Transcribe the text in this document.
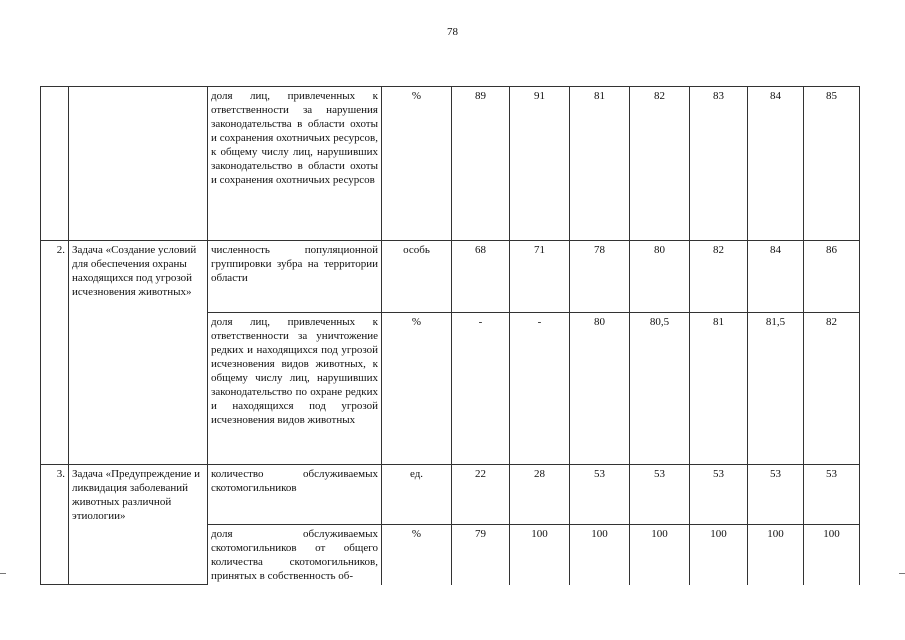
78
		доля лиц, привлеченных к ответственности за нарушения законодательства в области охоты и сохранения охотничьих ресурсов, к общему числу лиц, нарушивших законодательство в области охоты и сохранения охотничьих ресурсов	%	89	91	81	82	83	84	85
2.	Задача «Создание условий для обеспечения охраны находящихся под угрозой исчезновения животных»	численность популяционной группировки зубра на территории области	особь	68	71	78	80	82	84	86
		доля лиц, привлеченных к ответственности за уничтожение редких и находящихся под угрозой исчезновения видов животных, к общему числу лиц, нарушивших законодательство по охране редких и находящихся под угрозой исчезновения видов животных	%	-	-	80	80,5	81	81,5	82
3.	Задача «Предупреждение и ликвидация заболеваний животных различной этиологии»	количество обслуживаемых скотомогильников	ед.	22	28	53	53	53	53	53
		доля обслуживаемых скотомогильников от общего количества скотомогильников, принятых в собственность об-	%	79	100	100	100	100	100	100
